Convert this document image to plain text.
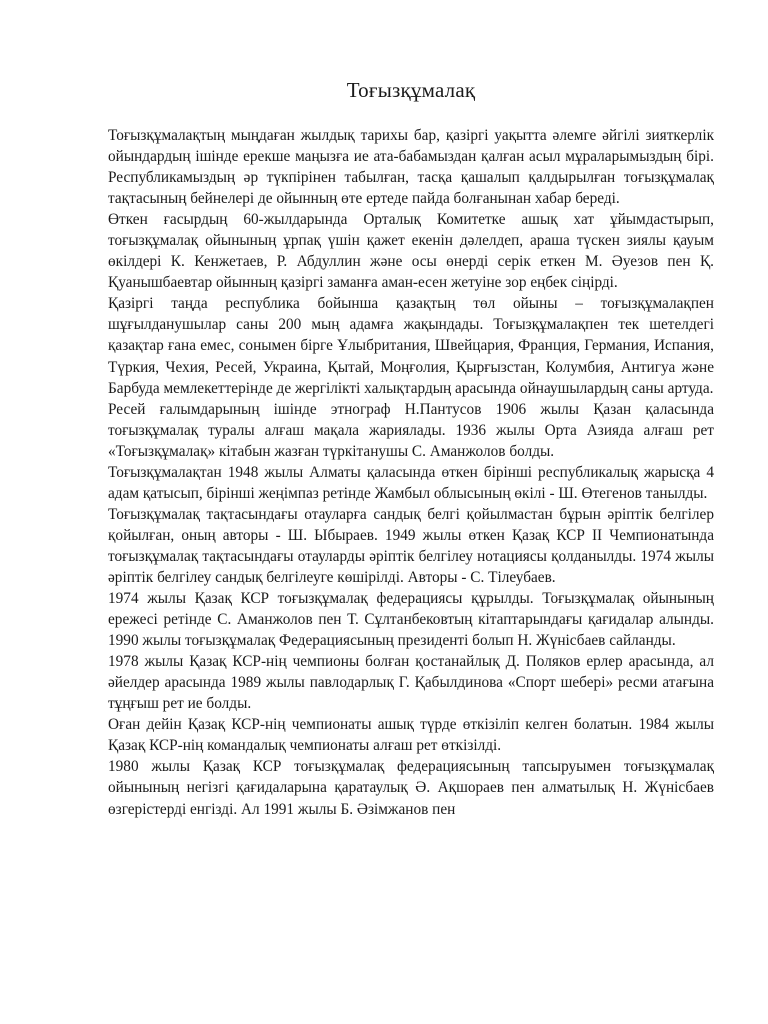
Тоғызқұмалақ

Тоғызқұмалақтың мыңдаған жылдық тарихы бар, қазіргі уақытта әлемге әйгілі зияткерлік ойындардың ішінде ерекше маңызға ие ата-бабамыздан қалған асыл мұраларымыздың бірі. Республикамыздың әр түкпірінен табылған, тасқа қашалып қалдырылған тоғызқұмалақ тақтасының бейнелері де ойынның өте ертеде пайда болғанынан хабар береді.

Өткен ғасырдың 60-жылдарында Орталық Комитетке ашық хат ұйымдастырып, тоғызқұмалақ ойынының ұрпақ үшін қажет екенін дәлелдеп, араша түскен зиялы қауым өкілдері К. Кенжетаев, Р. Абдуллин және осы өнерді серік еткен М. Әуезов пен Қ. Қуанышбаевтар ойынның қазіргі заманға аман-есен жетуіне зор еңбек сіңірді.

Қазіргі таңда республика бойынша қазақтың төл ойыны – тоғызқұмалақпен шұғылданушылар саны 200 мың адамға жақындады. Тоғызқұмалақпен тек шетелдегі қазақтар ғана емес, сонымен бірге Ұлыбритания, Швейцария, Франция, Германия, Испания, Түркия, Чехия, Ресей, Украина, Қытай, Моңғолия, Қырғызстан, Колумбия, Антигуа және Барбуда мемлекеттерінде де жергілікті халықтардың арасында ойнаушылардың саны артуда.

Ресей ғалымдарының ішінде этнограф Н.Пантусов 1906 жылы Қазан қаласында тоғызқұмалақ туралы алғаш мақала жариялады. 1936 жылы Орта Азияда алғаш рет «Тоғызқұмалақ» кітабын жазған түркітанушы С. Аманжолов болды.

Тоғызқұмалақтан 1948 жылы Алматы қаласында өткен бірінші республикалық жарысқа 4 адам қатысып, бірінші жеңімпаз ретінде Жамбыл облысының өкілі - Ш. Өтегенов танылды.

Тоғызқұмалақ тақтасындағы отауларға сандық белгі қойылмастан бұрын әріптік белгілер қойылған, оның авторы - Ш. Ыбыраев. 1949 жылы өткен Қазақ КСР ІІ Чемпионатында тоғызқұмалақ тақтасындағы отауларды әріптік белгілеу нотациясы қолданылды. 1974 жылы әріптік белгілеу сандық белгілеуге көшірілді. Авторы - С. Тілеубаев.

1974 жылы Қазақ КСР тоғызқұмалақ федерациясы құрылды. Тоғызқұмалақ ойынының ережесі ретінде С. Аманжолов пен Т. Сұлтанбековтың кітаптарындағы қағидалар алынды. 1990 жылы тоғызқұмалақ Федерациясының президенті болып Н. Жүнісбаев сайланды.

1978 жылы Қазақ КСР-нің чемпионы болған қостанайлық Д. Поляков ерлер арасында, ал әйелдер арасында 1989 жылы павлодарлық Г. Қабылдинова «Спорт шебері» ресми атағына тұңғыш рет ие болды.

Оған дейін Қазақ КСР-нің чемпионаты ашық түрде өткізіліп келген болатын. 1984 жылы Қазақ КСР-нің командалық чемпионаты алғаш рет өткізілді.

1980 жылы Қазақ КСР тоғызқұмалақ федерациясының тапсыруымен тоғызқұмалақ ойынының негізгі қағидаларына қаратаулық Ә. Ақшораев пен алматылық Н. Жүнісбаев өзгерістерді енгізді. Ал 1991 жылы Б. Әзімжанов пен
